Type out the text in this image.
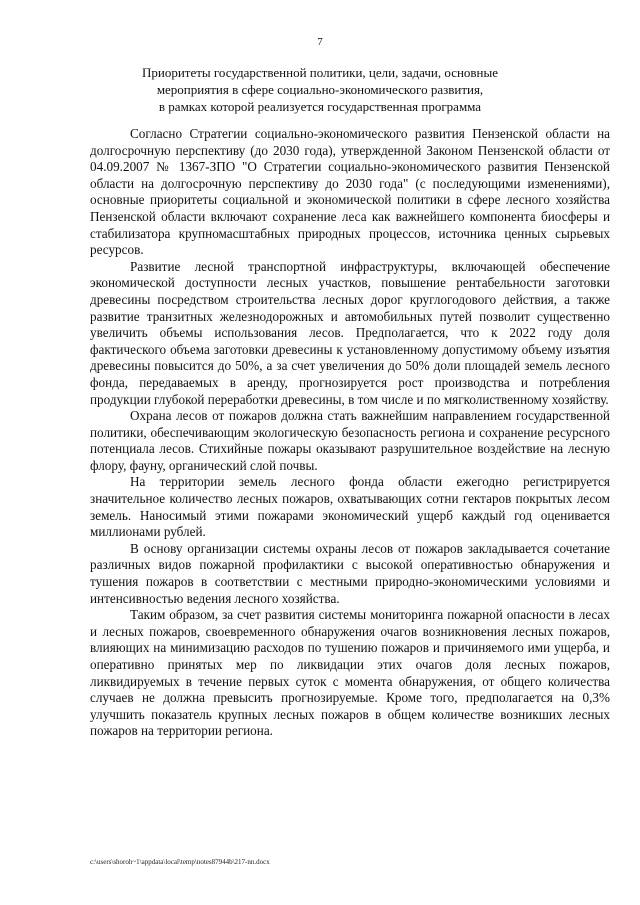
7
Приоритеты государственной политики, цели, задачи, основные
мероприятия в сфере социально-экономического развития,
в рамках которой реализуется государственная программа

Согласно Стратегии социально-экономического развития Пензенской области на долгосрочную перспективу (до 2030 года), утвержденной Законом Пензенской области от 04.09.2007 № 1367-ЗПО "О Стратегии социально-экономического развития Пензенской области на долгосрочную перспективу до 2030 года" (с последующими изменениями), основные приоритеты социальной и экономической политики в сфере лесного хозяйства Пензенской области включают сохранение леса как важнейшего компонента биосферы и стабилизатора крупномасштабных природных процессов, источника ценных сырьевых ресурсов.

Развитие лесной транспортной инфраструктуры, включающей обеспечение экономической доступности лесных участков, повышение рентабельности заготовки древесины посредством строительства лесных дорог круглогодового действия, а также развитие транзитных железнодорожных и автомобильных путей позволит существенно увеличить объемы использования лесов. Предполагается, что к 2022 году доля фактического объема заготовки древесины к установленному допустимому объему изъятия древесины повысится до 50%, а за счет увеличения до 50% доли площадей земель лесного фонда, передаваемых в аренду, прогнозируется рост производства и потребления продукции глубокой переработки древесины, в том числе и по мягколиственному хозяйству.

Охрана лесов от пожаров должна стать важнейшим направлением государственной политики, обеспечивающим экологическую безопасность региона и сохранение ресурсного потенциала лесов. Стихийные пожары оказывают разрушительное воздействие на лесную флору, фауну, органический слой почвы.

На территории земель лесного фонда области ежегодно регистрируется значительное количество лесных пожаров, охватывающих сотни гектаров покрытых лесом земель. Наносимый этими пожарами экономический ущерб каждый год оценивается миллионами рублей.

В основу организации системы охраны лесов от пожаров закладывается сочетание различных видов пожарной профилактики с высокой оперативностью обнаружения и тушения пожаров в соответствии с местными природно-экономическими условиями и интенсивностью ведения лесного хозяйства.

Таким образом, за счет развития системы мониторинга пожарной опасности в лесах и лесных пожаров, своевременного обнаружения очагов возникновения лесных пожаров, влияющих на минимизацию расходов по тушению пожаров и причиняемого ими ущерба, и оперативно принятых мер по ликвидации этих очагов доля лесных пожаров, ликвидируемых в течение первых суток с момента обнаружения, от общего количества случаев не должна превысить прогнозируемые. Кроме того, предполагается на 0,3% улучшить показатель крупных лесных пожаров в общем количестве возникших лесных пожаров на территории региона.

c:\users\shoroh~1\appdata\local\temp\notes87944b\217-nn.docx
